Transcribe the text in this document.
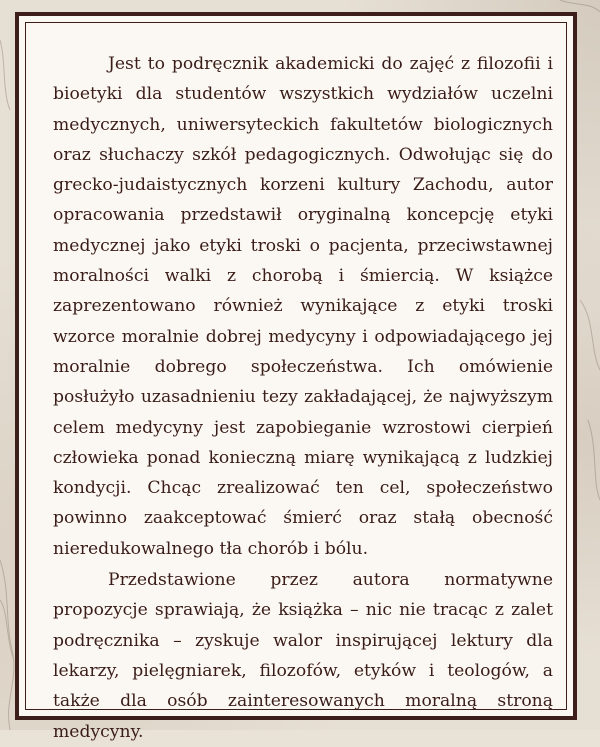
Jest to podręcznik akademicki do zajęć z filozofii i bioetyki dla studentów wszystkich wydziałów uczelni medycznych, uniwersyteckich fakultetów biologicznych oraz słuchaczy szkół pedagogicznych. Odwołując się do grecko-judaistycznych korzeni kultury Zachodu, autor opracowania przedstawił oryginalną koncepcję etyki medycznej jako etyki troski o pacjenta, przeciwstawnej moralności walki z chorobą i śmiercią. W książce zaprezentowano również wynikające z etyki troski wzorce moralnie dobrej medycyny i odpowiadającego jej moralnie dobrego społeczeństwa. Ich omówienie posłużyło uzasadnieniu tezy zakładającej, że najwyższym celem medycyny jest zapobieganie wzrostowi cierpień człowieka ponad konieczną miarę wynikającą z ludzkiej kondycji. Chcąc zrealizować ten cel, społeczeństwo powinno zaakceptować śmierć oraz stałą obecność nieredukowalnego tła chorób i bólu.

Przedstawione przez autora normatywne propozycje sprawiają, że książka – nic nie tracąc z zalet podręcznika – zyskuje walor inspirującej lektury dla lekarzy, pielęgniarek, filozofów, etyków i teologów, a także dla osób zainteresowanych moralną stroną medycyny.
